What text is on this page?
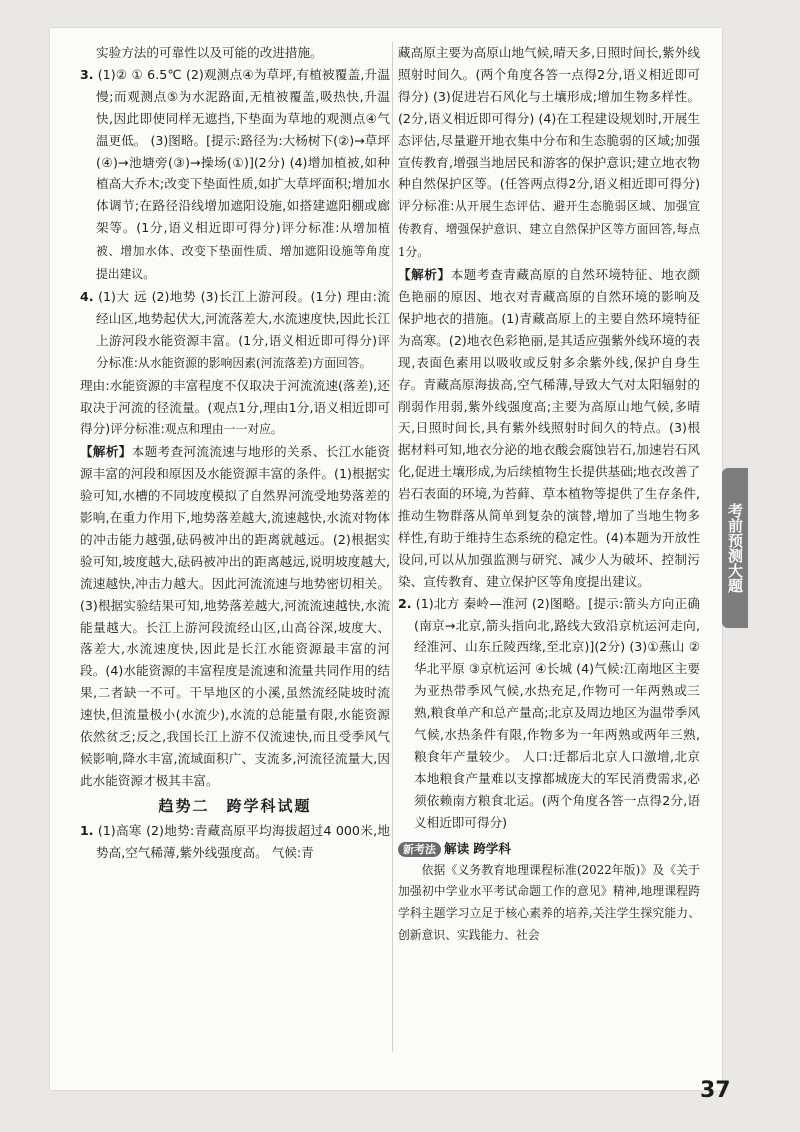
实验方法的可靠性以及可能的改进措施。

3. (1)② ① 6.5℃ (2)观测点④为草坪,有植被覆盖,升温慢;而观测点⑤为水泥路面,无植被覆盖,吸热快,升温快,因此即使同样无遮挡,下垫面为草地的观测点④气温更低。 (3)图略。[提示:路径为:大杨树下(②)→草坪(④)→池塘旁(③)→操场(①)](2分) (4)增加植被,如种植高大乔木;改变下垫面性质,如扩大草坪面积;增加水体调节;在路径沿线增加遮阳设施,如搭建遮阳棚或廊架等。(1分,语义相近即可得分)评分标准:从增加植被、增加水体、改变下垫面性质、增加遮阳设施等角度提出建议。

4. (1)大 远 (2)地势 (3)长江上游河段。(1分) 理由:流经山区,地势起伏大,河流落差大,水流速度快,因此长江上游河段水能资源丰富。(1分,语义相近即可得分)评分标准:从水能资源的影响因素(河流落差)方面回答。

理由:水能资源的丰富程度不仅取决于河流流速(落差),还取决于河流的径流量。(观点1分,理由1分,语义相近即可得分)评分标准:观点和理由一一对应。

【解析】本题考查河流流速与地形的关系、长江水能资源丰富的河段和原因及水能资源丰富的条件。(1)根据实验可知,水槽的不同坡度模拟了自然界河流受地势落差的影响,在重力作用下,地势落差越大,流速越快,水流对物体的冲击能力越强,砝码被冲出的距离就越远。(2)根据实验可知,坡度越大,砝码被冲出的距离越远,说明坡度越大,流速越快,冲击力越大。因此河流流速与地势密切相关。(3)根据实验结果可知,地势落差越大,河流流速越快,水流能量越大。长江上游河段流经山区,山高谷深,坡度大、落差大,水流速度快,因此是长江水能资源最丰富的河段。(4)水能资源的丰富程度是流速和流量共同作用的结果,二者缺一不可。干旱地区的小溪,虽然流经陡坡时流速快,但流量极小(水流少),水流的总能量有限,水能资源依然贫乏;反之,我国长江上游不仅流速快,而且受季风气候影响,降水丰富,流域面积广、支流多,河流径流量大,因此水能资源才极其丰富。

趋势二　跨学科试题

1. (1)高寒 (2)地势:青藏高原平均海拔超过4 000米,地势高,空气稀薄,紫外线强度高。 气候:青

藏高原主要为高原山地气候,晴天多,日照时间长,紫外线照射时间久。(两个角度各答一点得2分,语义相近即可得分) (3)促进岩石风化与土壤形成;增加生物多样性。(2分,语义相近即可得分) (4)在工程建设规划时,开展生态评估,尽量避开地衣集中分布和生态脆弱的区域;加强宣传教育,增强当地居民和游客的保护意识;建立地衣物种自然保护区等。(任答两点得2分,语义相近即可得分)评分标准:从开展生态评估、避开生态脆弱区域、加强宣传教育、增强保护意识、建立自然保护区等方面回答,每点1分。

【解析】本题考查青藏高原的自然环境特征、地衣颜色艳丽的原因、地衣对青藏高原的自然环境的影响及保护地衣的措施。(1)青藏高原上的主要自然环境特征为高寒。(2)地衣色彩艳丽,是其适应强紫外线环境的表现,表面色素用以吸收或反射多余紫外线,保护自身生存。青藏高原海拔高,空气稀薄,导致大气对太阳辐射的削弱作用弱,紫外线强度高;主要为高原山地气候,多晴天,日照时间长,具有紫外线照射时间久的特点。(3)根据材料可知,地衣分泌的地衣酸会腐蚀岩石,加速岩石风化,促进土壤形成,为后续植物生长提供基础;地衣改善了岩石表面的环境,为苔藓、草本植物等提供了生存条件,推动生物群落从简单到复杂的演替,增加了当地生物多样性,有助于维持生态系统的稳定性。(4)本题为开放性设问,可以从加强监测与研究、减少人为破坏、控制污染、宣传教育、建立保护区等角度提出建议。

2. (1)北方 秦岭—淮河 (2)图略。[提示:箭头方向正确(南京→北京,箭头指向北,路线大致沿京杭运河走向,经淮河、山东丘陵西缘,至北京)](2分) (3)①燕山 ②华北平原 ③京杭运河 ④长城 (4)气候:江南地区主要为亚热带季风气候,水热充足,作物可一年两熟或三熟,粮食单产和总产量高;北京及周边地区为温带季风气候,水热条件有限,作物多为一年两熟或两年三熟,粮食年产量较少。 人口:迁都后北京人口激增,北京本地粮食产量难以支撑都城庞大的军民消费需求,必须依赖南方粮食北运。(两个角度各答一点得2分,语义相近即可得分)

新考法 解读 跨学科

依据《义务教育地理课程标准(2022年版)》及《关于加强初中学业水平考试命题工作的意见》精神,地理课程跨学科主题学习立足于核心素养的培养,关注学生探究能力、创新意识、实践能力、社会

37
考前预测大题
